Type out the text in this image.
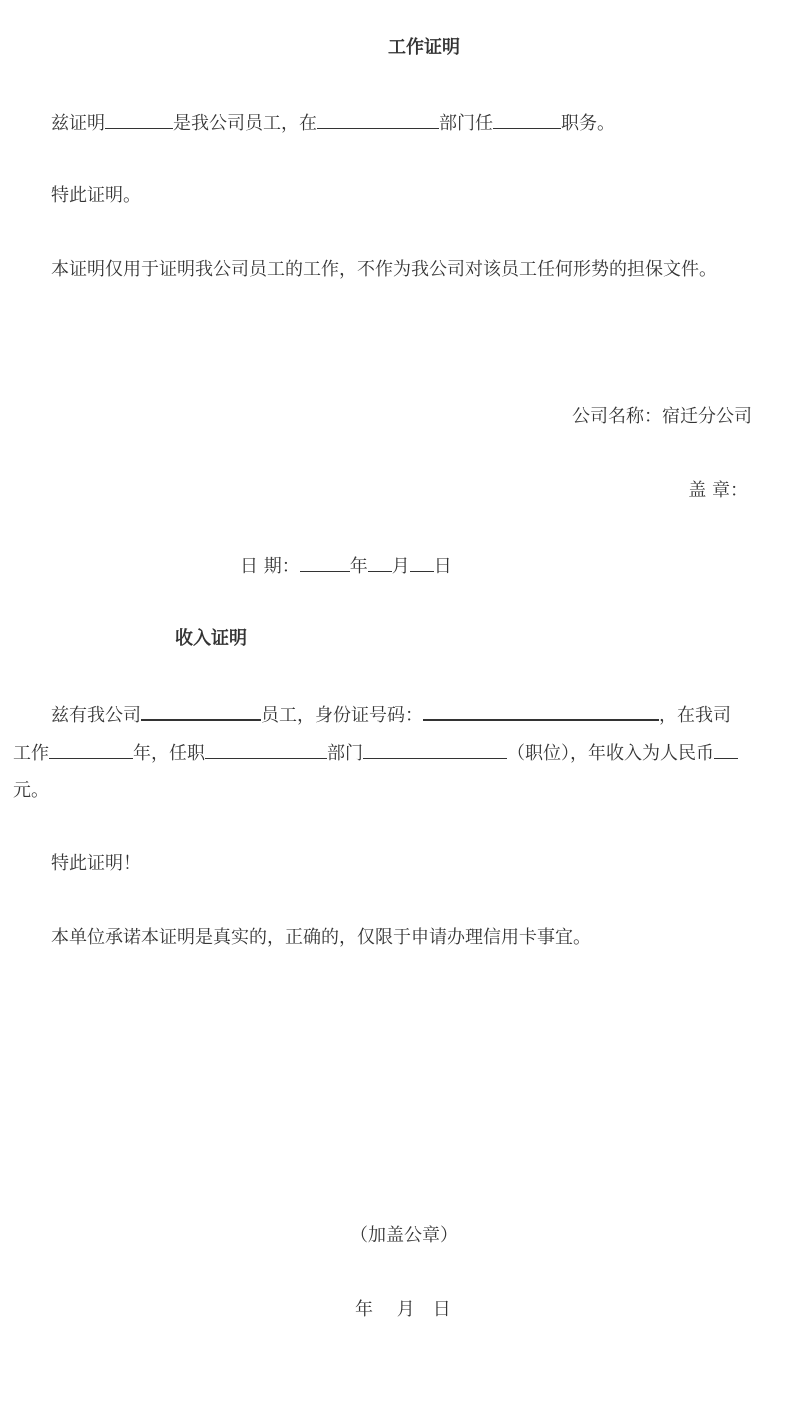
工作证明
兹证明	是我公司员工，在	部门任	职务。
特此证明。
本证明仅用于证明我公司员工的工作，不作为我公司对该员工任何形势的担保文件。
公司名称：宿迁分公司
盖 章：
日 期：	年 月 日
收入证明
兹有我公司	员工，身份证号码：	，在我司
工作	年，任职	部门	（职位），年收入为人民币
元。
特此证明！
本单位承诺本证明是真实的，正确的，仅限于申请办理信用卡事宜。
（加盖公章）
年　 月　日
